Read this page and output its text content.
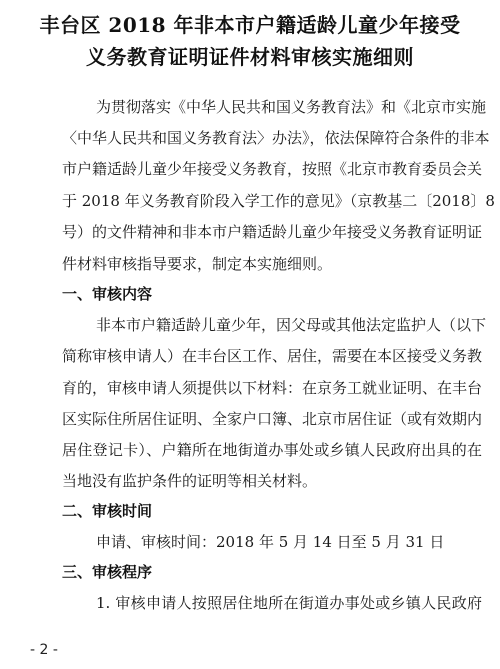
丰台区 2018 年非本市户籍适龄儿童少年接受
义务教育证明证件材料审核实施细则
为贯彻落实《中华人民共和国义务教育法》和《北京市实施
〈中华人民共和国义务教育法〉办法》，依法保障符合条件的非本
市户籍适龄儿童少年接受义务教育，按照《北京市教育委员会关
于 2018 年义务教育阶段入学工作的意见》（京教基二〔2018〕8
号）的文件精神和非本市户籍适龄儿童少年接受义务教育证明证
件材料审核指导要求，制定本实施细则。
一、审核内容
非本市户籍适龄儿童少年，因父母或其他法定监护人（以下
简称审核申请人）在丰台区工作、居住，需要在本区接受义务教
育的，审核申请人须提供以下材料：在京务工就业证明、在丰台
区实际住所居住证明、全家户口簿、北京市居住证（或有效期内
居住登记卡）、户籍所在地街道办事处或乡镇人民政府出具的在
当地没有监护条件的证明等相关材料。
二、审核时间
申请、审核时间：2018 年 5 月 14 日至 5 月 31 日
三、审核程序
1. 审核申请人按照居住地所在街道办事处或乡镇人民政府
- 2 -
